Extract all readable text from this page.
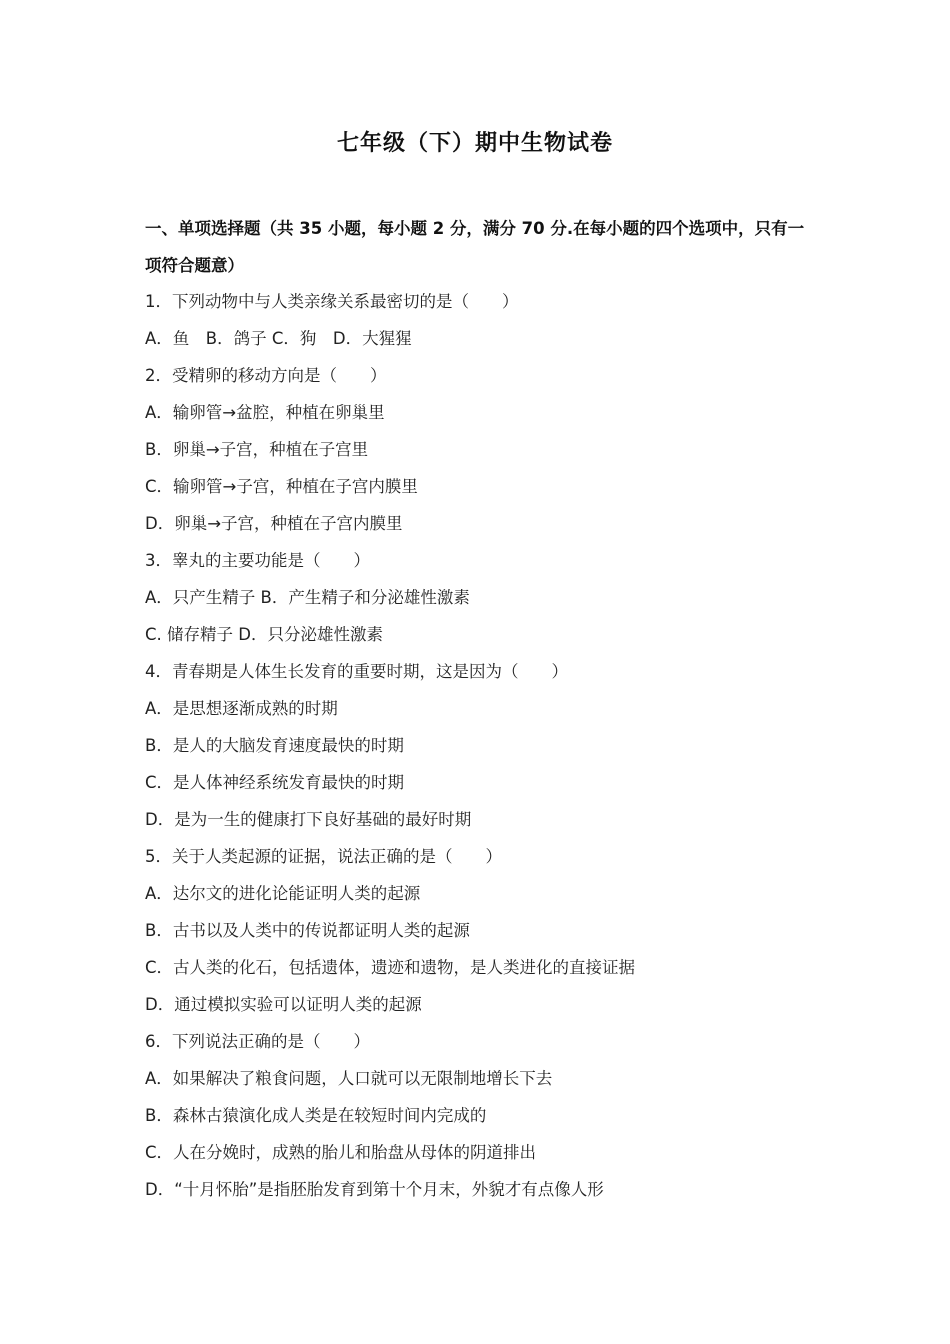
七年级（下）期中生物试卷
一、单项选择题（共 35 小题，每小题 2 分，满分 70 分.在每小题的四个选项中，只有一项符合题意）
1．下列动物中与人类亲缘关系最密切的是（　　）
A．鱼　B．鸽子 C．狗　D．大猩猩
2．受精卵的移动方向是（　　）
A．输卵管→盆腔，种植在卵巢里
B．卵巢→子宫，种植在子宫里
C．输卵管→子宫，种植在子宫内膜里
D．卵巢→子宫，种植在子宫内膜里
3．睾丸的主要功能是（　　）
A．只产生精子 B．产生精子和分泌雄性激素
C. 储存精子 D．只分泌雄性激素
4．青春期是人体生长发育的重要时期，这是因为（　　）
A．是思想逐渐成熟的时期
B．是人的大脑发育速度最快的时期
C．是人体神经系统发育最快的时期
D．是为一生的健康打下良好基础的最好时期
5．关于人类起源的证据，说法正确的是（　　）
A．达尔文的进化论能证明人类的起源
B．古书以及人类中的传说都证明人类的起源
C．古人类的化石，包括遗体，遗迹和遗物，是人类进化的直接证据
D．通过模拟实验可以证明人类的起源
6．下列说法正确的是（　　）
A．如果解决了粮食问题，人口就可以无限制地增长下去
B．森林古猿演化成人类是在较短时间内完成的
C．人在分娩时，成熟的胎儿和胎盘从母体的阴道排出
D．“十月怀胎”是指胚胎发育到第十个月末，外貌才有点像人形
